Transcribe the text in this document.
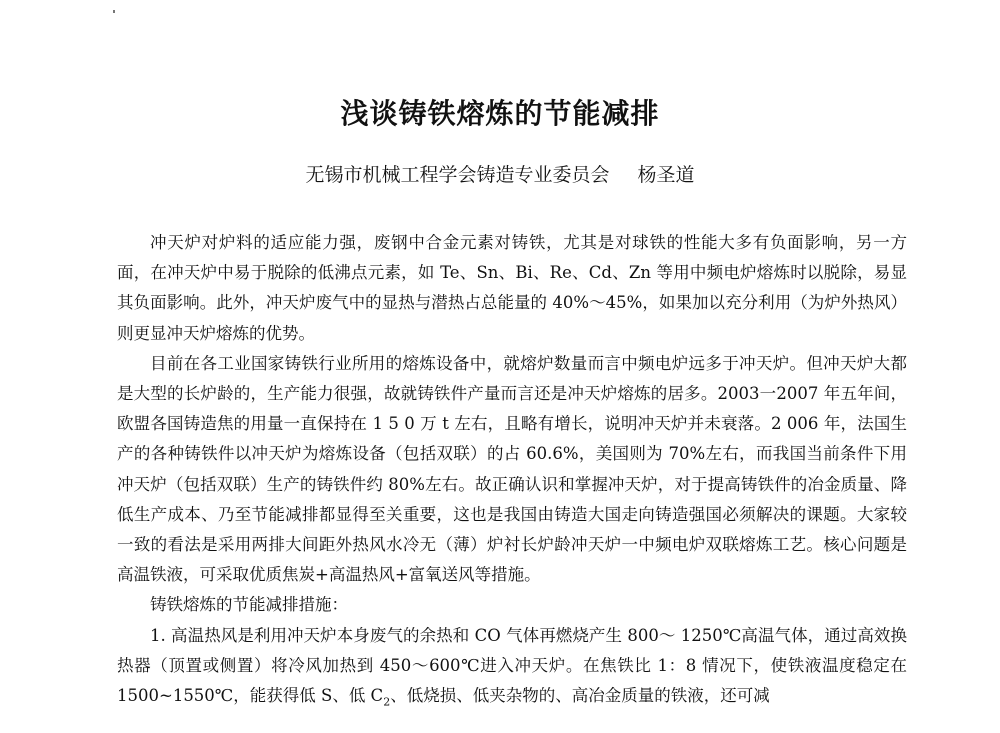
浅谈铸铁熔炼的节能减排
无锡市机械工程学会铸造专业委员会 杨圣道

冲天炉对炉料的适应能力强，废钢中合金元素对铸铁，尤其是对球铁的性能大多有负面影响，另一方面，在冲天炉中易于脱除的低沸点元素，如 Te、Sn、Bi、Re、Cd、Zn 等用中频电炉熔炼时以脱除，易显其负面影响。此外，冲天炉废气中的显热与潜热占总能量的 40%～45%，如果加以充分利用（为炉外热风）则更显冲天炉熔炼的优势。

目前在各工业国家铸铁行业所用的熔炼设备中，就熔炉数量而言中频电炉远多于冲天炉。但冲天炉大都是大型的长炉龄的，生产能力很强，故就铸铁件产量而言还是冲天炉熔炼的居多。2003一2007 年五年间，欧盟各国铸造焦的用量一直保持在 1 5 0 万 t 左右，且略有增长，说明冲天炉并未衰落。2 006 年，法国生产的各种铸铁件以冲天炉为熔炼设备（包括双联）的占 60.6%，美国则为 70%左右，而我国当前条件下用冲天炉（包括双联）生产的铸铁件约 80%左右。故正确认识和掌握冲天炉，对于提高铸铁件的冶金质量、降低生产成本、乃至节能减排都显得至关重要，这也是我国由铸造大国走向铸造强国必须解决的课题。大家较一致的看法是采用两排大间距外热风水冷无（薄）炉衬长炉龄冲天炉一中频电炉双联熔炼工艺。核心问题是高温铁液，可采取优质焦炭+高温热风+富氧送风等措施。

铸铁熔炼的节能减排措施：

1. 高温热风是利用冲天炉本身废气的余热和 CO 气体再燃烧产生 800～ 1250℃高温气体，通过高效换热器（顶置或侧置）将冷风加热到 450～600℃进入冲天炉。在焦铁比 1：8 情况下，使铁液温度稳定在 1500~1550℃，能获得低 S、低 $C_2$、低烧损、低夹杂物的、高冶金质量的铁液，还可减
